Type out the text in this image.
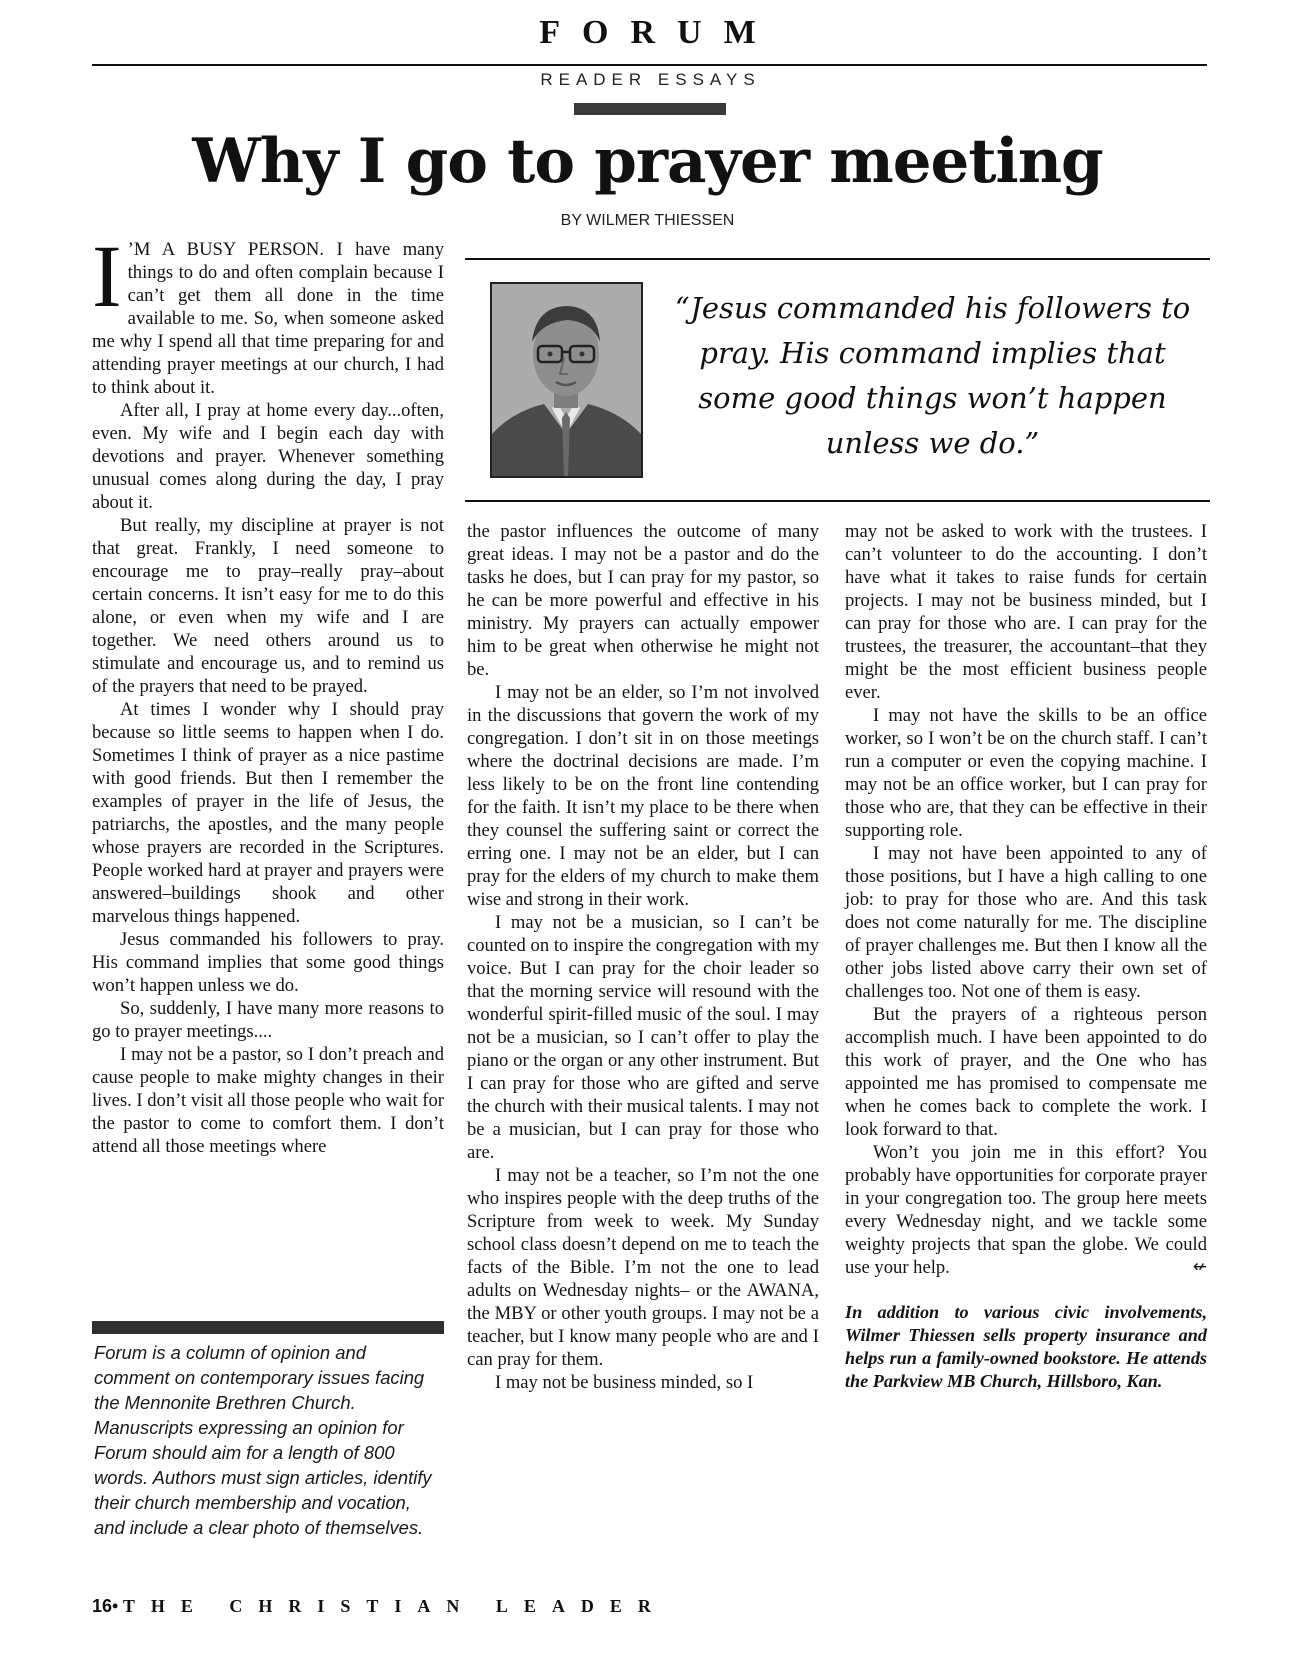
FORUM
READER ESSAYS
Why I go to prayer meeting
BY WILMER THIESSEN

“Jesus commanded his followers to pray. His command implies that some good things won’t happen unless we do.”

I ’M A BUSY PERSON. I have many things to do and often complain because I can’t get them all done in the time available to me. So, when someone asked me why I spend all that time preparing for and attending prayer meetings at our church, I had to think about it.

After all, I pray at home every day...often, even. My wife and I begin each day with devotions and prayer. Whenever something unusual comes along during the day, I pray about it.

But really, my discipline at prayer is not that great. Frankly, I need someone to encourage me to pray–really pray–about certain concerns. It isn’t easy for me to do this alone, or even when my wife and I are together. We need others around us to stimulate and encourage us, and to remind us of the prayers that need to be prayed.

At times I wonder why I should pray because so little seems to happen when I do. Sometimes I think of prayer as a nice pastime with good friends. But then I remember the examples of prayer in the life of Jesus, the patriarchs, the apostles, and the many people whose prayers are recorded in the Scriptures. People worked hard at prayer and prayers were answered–buildings shook and other marvelous things happened.

Jesus commanded his followers to pray. His command implies that some good things won’t happen unless we do.

So, suddenly, I have many more reasons to go to prayer meetings....

I may not be a pastor, so I don’t preach and cause people to make mighty changes in their lives. I don’t visit all those people who wait for the pastor to come to comfort them. I don’t attend all those meetings where

Forum is a column of opinion and comment on contemporary issues facing the Mennonite Brethren Church. Manuscripts expressing an opinion for Forum should aim for a length of 800 words. Authors must sign articles, identify their church membership and vocation, and include a clear photo of themselves.

the pastor influences the outcome of many great ideas. I may not be a pastor and do the tasks he does, but I can pray for my pastor, so he can be more powerful and effective in his ministry. My prayers can actually empower him to be great when otherwise he might not be.

I may not be an elder, so I’m not involved in the discussions that govern the work of my congregation. I don’t sit in on those meetings where the doctrinal decisions are made. I’m less likely to be on the front line contending for the faith. It isn’t my place to be there when they counsel the suffering saint or correct the erring one. I may not be an elder, but I can pray for the elders of my church to make them wise and strong in their work.

I may not be a musician, so I can’t be counted on to inspire the congregation with my voice. But I can pray for the choir leader so that the morning service will resound with the wonderful spirit-filled music of the soul. I may not be a musician, so I can’t offer to play the piano or the organ or any other instrument. But I can pray for those who are gifted and serve the church with their musical talents. I may not be a musician, but I can pray for those who are.

I may not be a teacher, so I’m not the one who inspires people with the deep truths of the Scripture from week to week. My Sunday school class doesn’t depend on me to teach the facts of the Bible. I’m not the one to lead adults on Wednesday nights– or the AWANA, the MBY or other youth groups. I may not be a teacher, but I know many people who are and I can pray for them.

I may not be business minded, so I

may not be asked to work with the trustees. I can’t volunteer to do the accounting. I don’t have what it takes to raise funds for certain projects. I may not be business minded, but I can pray for those who are. I can pray for the trustees, the treasurer, the accountant–that they might be the most efficient business people ever.

I may not have the skills to be an office worker, so I won’t be on the church staff. I can’t run a computer or even the copying machine. I may not be an office worker, but I can pray for those who are, that they can be effective in their supporting role.

I may not have been appointed to any of those positions, but I have a high calling to one job: to pray for those who are. And this task does not come naturally for me. The discipline of prayer challenges me. But then I know all the other jobs listed above carry their own set of challenges too. Not one of them is easy.

But the prayers of a righteous person accomplish much. I have been appointed to do this work of prayer, and the One who has appointed me has promised to compensate me when he comes back to complete the work. I look forward to that.

Won’t you join me in this effort? You probably have opportunities for corporate prayer in your congregation too. The group here meets every Wednesday night, and we tackle some weighty projects that span the globe. We could use your help.	↚

In addition to various civic involvements, Wilmer Thiessen sells property insurance and helps run a family-owned bookstore. He attends the Parkview MB Church, Hillsboro, Kan.

16• THE CHRISTIAN LEADER
